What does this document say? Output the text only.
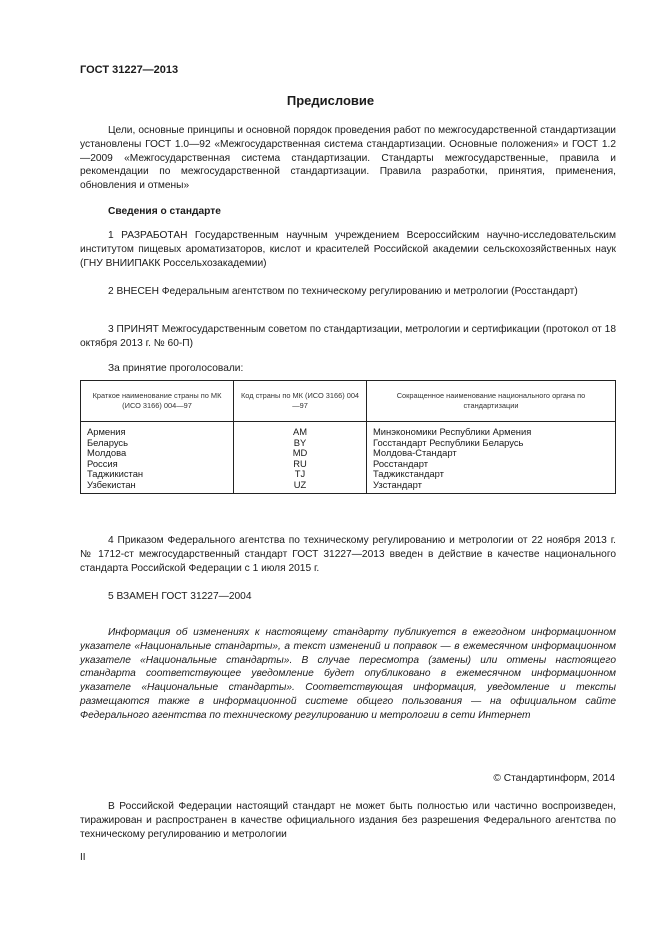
ГОСТ 31227—2013
Предисловие

Цели, основные принципы и основной порядок проведения работ по межгосударственной стандартизации установлены ГОСТ 1.0—92 «Межгосударственная система стандартизации. Основные положения» и ГОСТ 1.2—2009 «Межгосударственная система стандартизации. Стандарты межгосударственные, правила и рекомендации по межгосударственной стандартизации. Правила разработки, принятия, применения, обновления и отмены»

Сведения о стандарте

1 РАЗРАБОТАН Государственным научным учреждением Всероссийским научно-исследовательским институтом пищевых ароматизаторов, кислот и красителей Российской академии сельскохозяйственных наук (ГНУ ВНИИПАКК Россельхозакадемии)

2 ВНЕСЕН Федеральным агентством по техническому регулированию и метрологии (Росстандарт)

3 ПРИНЯТ Межгосударственным советом по стандартизации, метрологии и сертификации (протокол от 18 октября 2013 г. № 60-П)

За принятие проголосовали:
Краткое наименование страны по МК (ИСО 3166) 004—97	Код страны по МК (ИСО 3166) 004—97	Сокращенное наименование национального органа по стандартизации
Армения	AM	Минэкономики Республики Армения
Беларусь	BY	Госстандарт Республики Беларусь
Молдова	MD	Молдова-Стандарт
Россия	RU	Росстандарт
Таджикистан	TJ	Таджикстандарт
Узбекистан	UZ	Узстандарт

4 Приказом Федерального агентства по техническому регулированию и метрологии от 22 ноября 2013 г. № 1712-ст межгосударственный стандарт ГОСТ 31227—2013 введен в действие в качестве национального стандарта Российской Федерации с 1 июля 2015 г.

5 ВЗАМЕН ГОСТ 31227—2004

Информация об изменениях к настоящему стандарту публикуется в ежегодном информационном указателе «Национальные стандарты», а текст изменений и поправок — в ежемесячном информационном указателе «Национальные стандарты». В случае пересмотра (замены) или отмены настоящего стандарта соответствующее уведомление будет опубликовано в ежемесячном информационном указателе «Национальные стандарты». Соответствующая информация, уведомление и тексты размещаются также в информационной системе общего пользования — на официальном сайте Федерального агентства по техническому регулированию и метрологии в сети Интернет

© Стандартинформ, 2014

В Российской Федерации настоящий стандарт не может быть полностью или частично воспроизведен, тиражирован и распространен в качестве официального издания без разрешения Федерального агентства по техническому регулированию и метрологии

II
